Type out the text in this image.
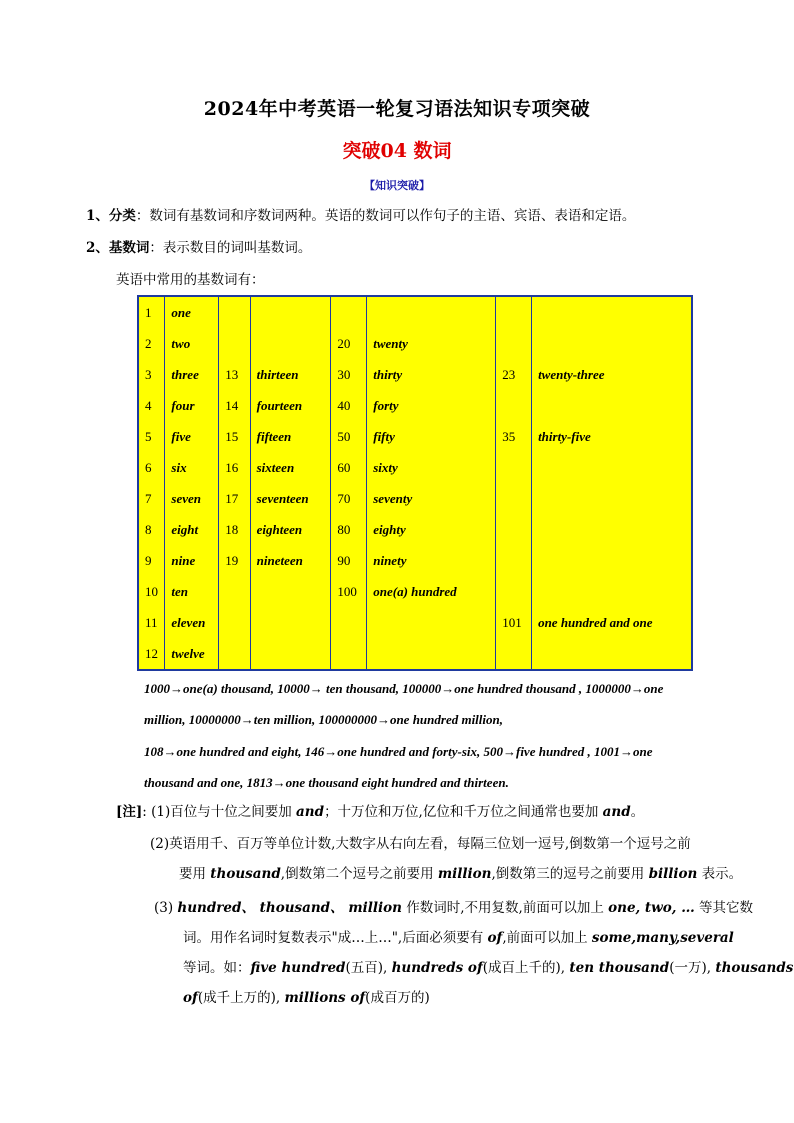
2024年中考英语一轮复习语法知识专项突破
突破04 数词
【知识突破】
1、分类：数词有基数词和序数词两种。英语的数词可以作句子的主语、宾语、表语和定语。
2、基数词：表示数目的词叫基数词。
英语中常用的基数词有：
1	one						
2	two			20	twenty		
3	three	13	thirteen	30	thirty	23	twenty-three
4	four	14	fourteen	40	forty		
5	five	15	fifteen	50	fifty	35	thirty-five
6	six	16	sixteen	60	sixty		
7	seven	17	seventeen	70	seventy		
8	eight	18	eighteen	80	eighty		
9	nine	19	nineteen	90	ninety		
10	ten			100	one(a) hundred		
11	eleven					101	one hundred and one
12	twelve						
1000→one(a) thousand, 10000→ ten thousand, 100000→one hundred thousand , 1000000→one
million, 10000000→ten million, 100000000→one hundred million,
108→one hundred and eight, 146→one hundred and forty-six, 500→five hundred , 1001→one
thousand and one, 1813→one thousand eight hundred and thirteen.
[注]: (1)百位与十位之间要加 and；十万位和万位,亿位和千万位之间通常也要加 and。
(2)英语用千、百万等单位计数,大数字从右向左看，每隔三位划一逗号,倒数第一个逗号之前
要用 thousand,倒数第二个逗号之前要用 million,倒数第三的逗号之前要用 billion 表示。
(3) hundred、 thousand、 million 作数词时,不用复数,前面可以加上 one, two, … 等其它数
词。用作名词时复数表示"成…上…",后面必须要有 of,前面可以加上 some,many,several
等词。如：five hundred(五百), hundreds of(成百上千的), ten thousand(一万), thousands
of(成千上万的), millions of(成百万的)
